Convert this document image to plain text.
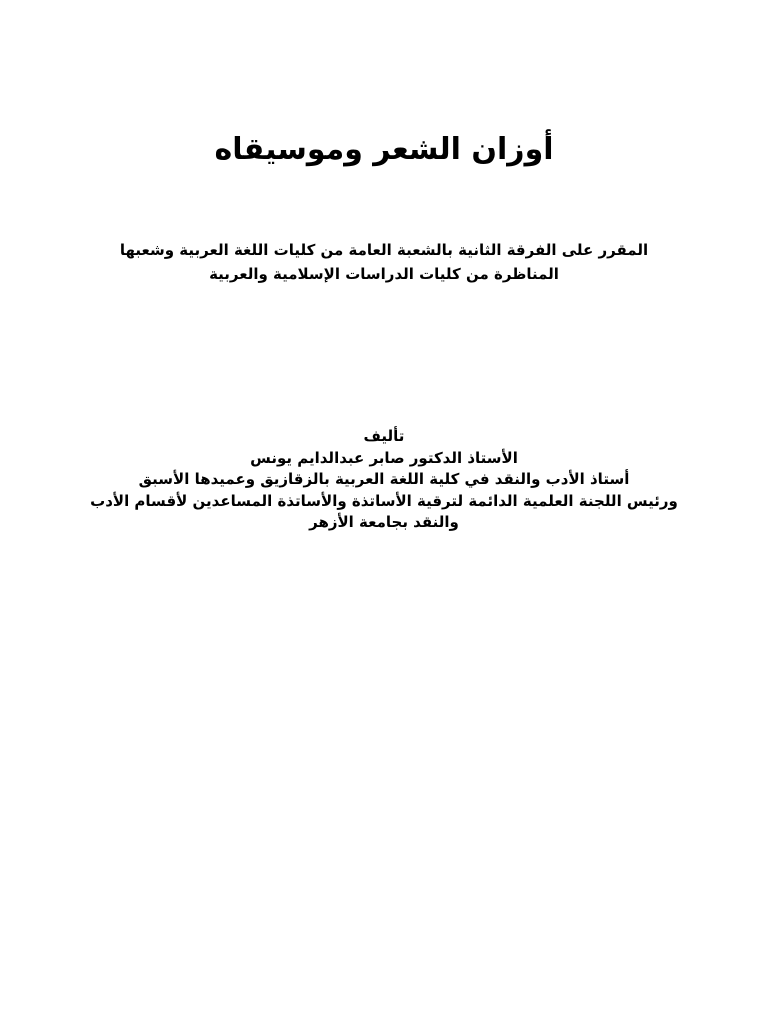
أوزان الشعر وموسيقاه
المقرر على الفرقة الثانية بالشعبة العامة من كليات اللغة العربية وشعبها
المناظرة من كليات الدراسات الإسلامية والعربية
تأليف
الأستاذ الدكتور صابر عبدالدايم يونس
أستاذ الأدب والنقد في كلية اللغة العربية بالزقازيق وعميدها الأسبق
ورئيس اللجنة العلمية الدائمة لترقية الأساتذة والأساتذة المساعدين لأقسام الأدب
والنقد بجامعة الأزهر
